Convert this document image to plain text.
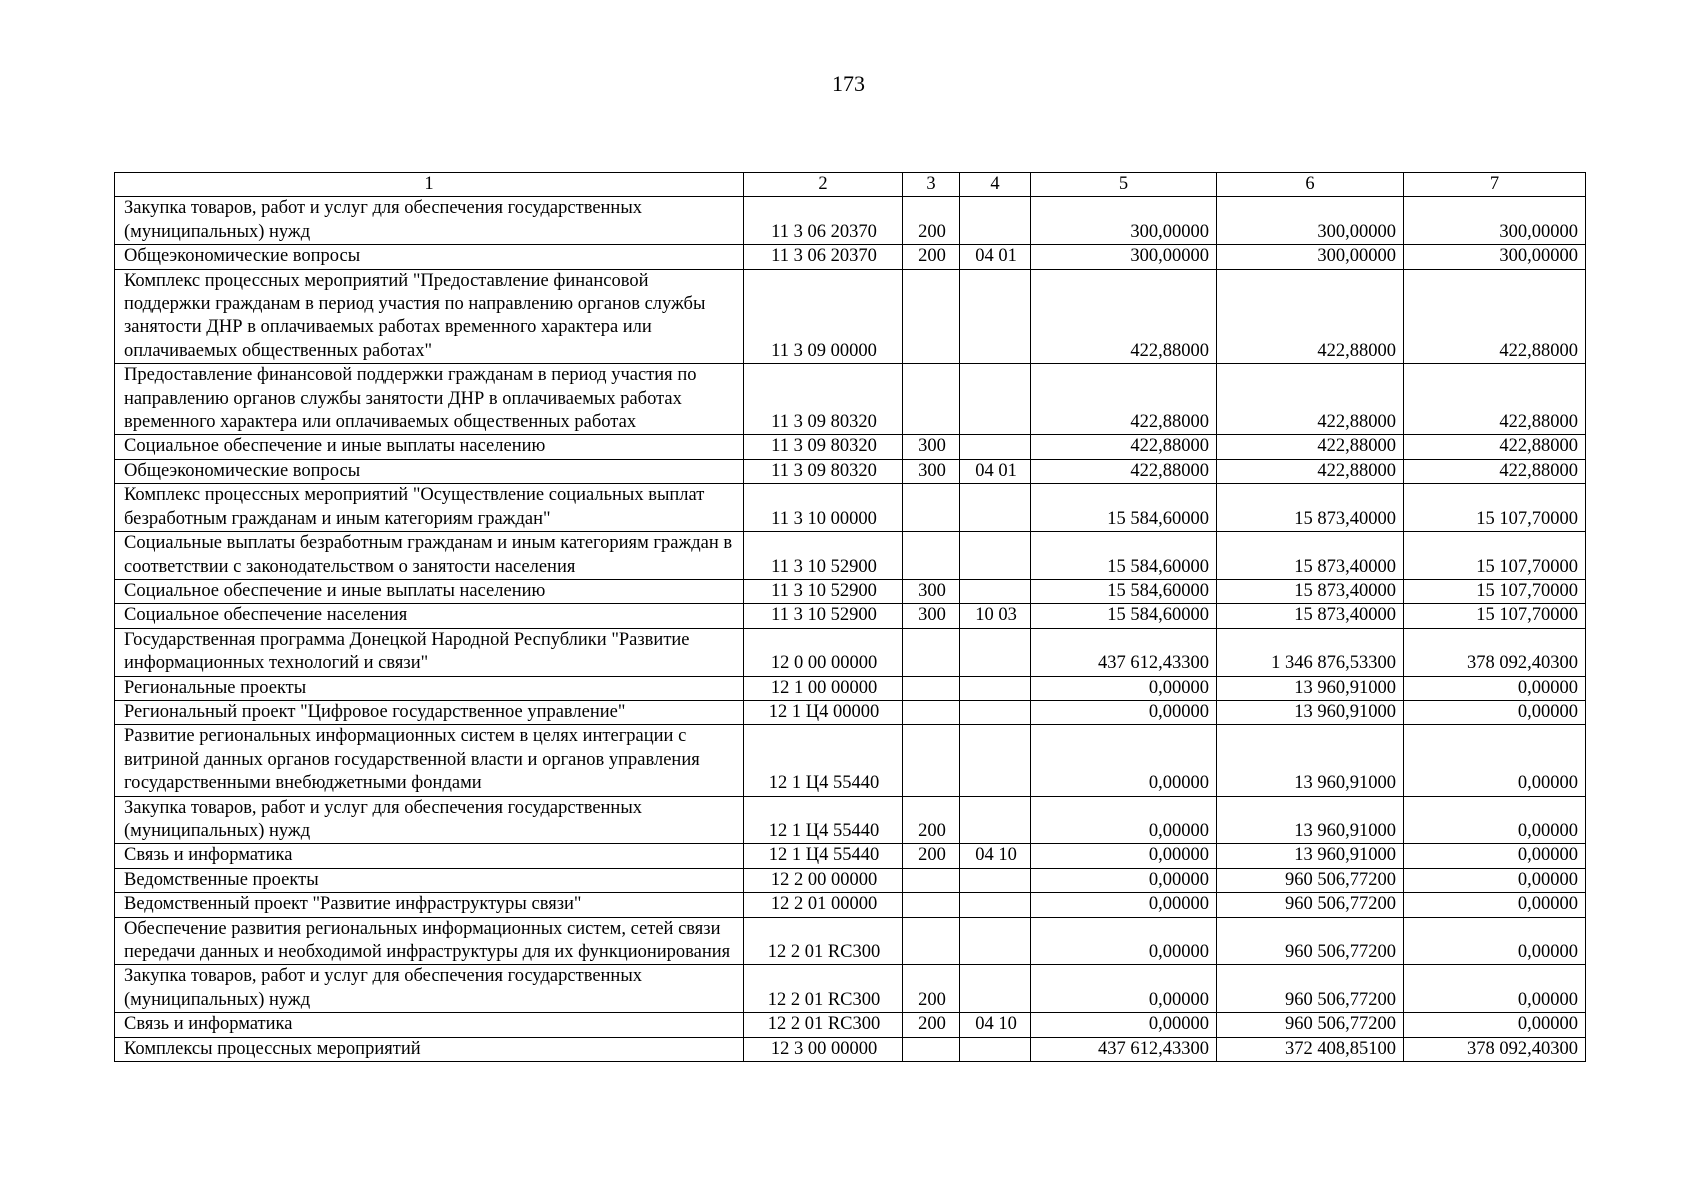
173
1	2	3	4	5	6	7
Закупка товаров, работ и услуг для обеспечения государственных (муниципальных) нужд	11 3 06 20370	200		300,00000	300,00000	300,00000
Общеэкономические вопросы	11 3 06 20370	200	04 01	300,00000	300,00000	300,00000
Комплекс процессных мероприятий "Предоставление финансовой поддержки гражданам в период участия по направлению органов службы занятости ДНР в оплачиваемых работах временного характера или оплачиваемых общественных работах"	11 3 09 00000			422,88000	422,88000	422,88000
Предоставление финансовой поддержки гражданам в период участия по направлению органов службы занятости ДНР в оплачиваемых работах временного характера или оплачиваемых общественных работах	11 3 09 80320			422,88000	422,88000	422,88000
Социальное обеспечение и иные выплаты населению	11 3 09 80320	300		422,88000	422,88000	422,88000
Общеэкономические вопросы	11 3 09 80320	300	04 01	422,88000	422,88000	422,88000
Комплекс процессных мероприятий "Осуществление социальных выплат безработным гражданам и иным категориям граждан"	11 3 10 00000			15 584,60000	15 873,40000	15 107,70000
Социальные выплаты безработным гражданам и иным категориям граждан в соответствии с законодательством о занятости населения	11 3 10 52900			15 584,60000	15 873,40000	15 107,70000
Социальное обеспечение и иные выплаты населению	11 3 10 52900	300		15 584,60000	15 873,40000	15 107,70000
Социальное обеспечение населения	11 3 10 52900	300	10 03	15 584,60000	15 873,40000	15 107,70000
Государственная программа Донецкой Народной Республики "Развитие информационных технологий и связи"	12 0 00 00000			437 612,43300	1 346 876,53300	378 092,40300
Региональные проекты	12 1 00 00000			0,00000	13 960,91000	0,00000
Региональный проект "Цифровое государственное управление"	12 1 Ц4 00000			0,00000	13 960,91000	0,00000
Развитие региональных информационных систем в целях интеграции с витриной данных органов государственной власти и органов управления государственными внебюджетными фондами	12 1 Ц4 55440			0,00000	13 960,91000	0,00000
Закупка товаров, работ и услуг для обеспечения государственных (муниципальных) нужд	12 1 Ц4 55440	200		0,00000	13 960,91000	0,00000
Связь и информатика	12 1 Ц4 55440	200	04 10	0,00000	13 960,91000	0,00000
Ведомственные проекты	12 2 00 00000			0,00000	960 506,77200	0,00000
Ведомственный проект "Развитие инфраструктуры связи"	12 2 01 00000			0,00000	960 506,77200	0,00000
Обеспечение развития региональных информационных систем, сетей связи передачи данных и необходимой инфраструктуры для их функционирования	12 2 01 RC300			0,00000	960 506,77200	0,00000
Закупка товаров, работ и услуг для обеспечения государственных (муниципальных) нужд	12 2 01 RC300	200		0,00000	960 506,77200	0,00000
Связь и информатика	12 2 01 RC300	200	04 10	0,00000	960 506,77200	0,00000
Комплексы процессных мероприятий	12 3 00 00000			437 612,43300	372 408,85100	378 092,40300
